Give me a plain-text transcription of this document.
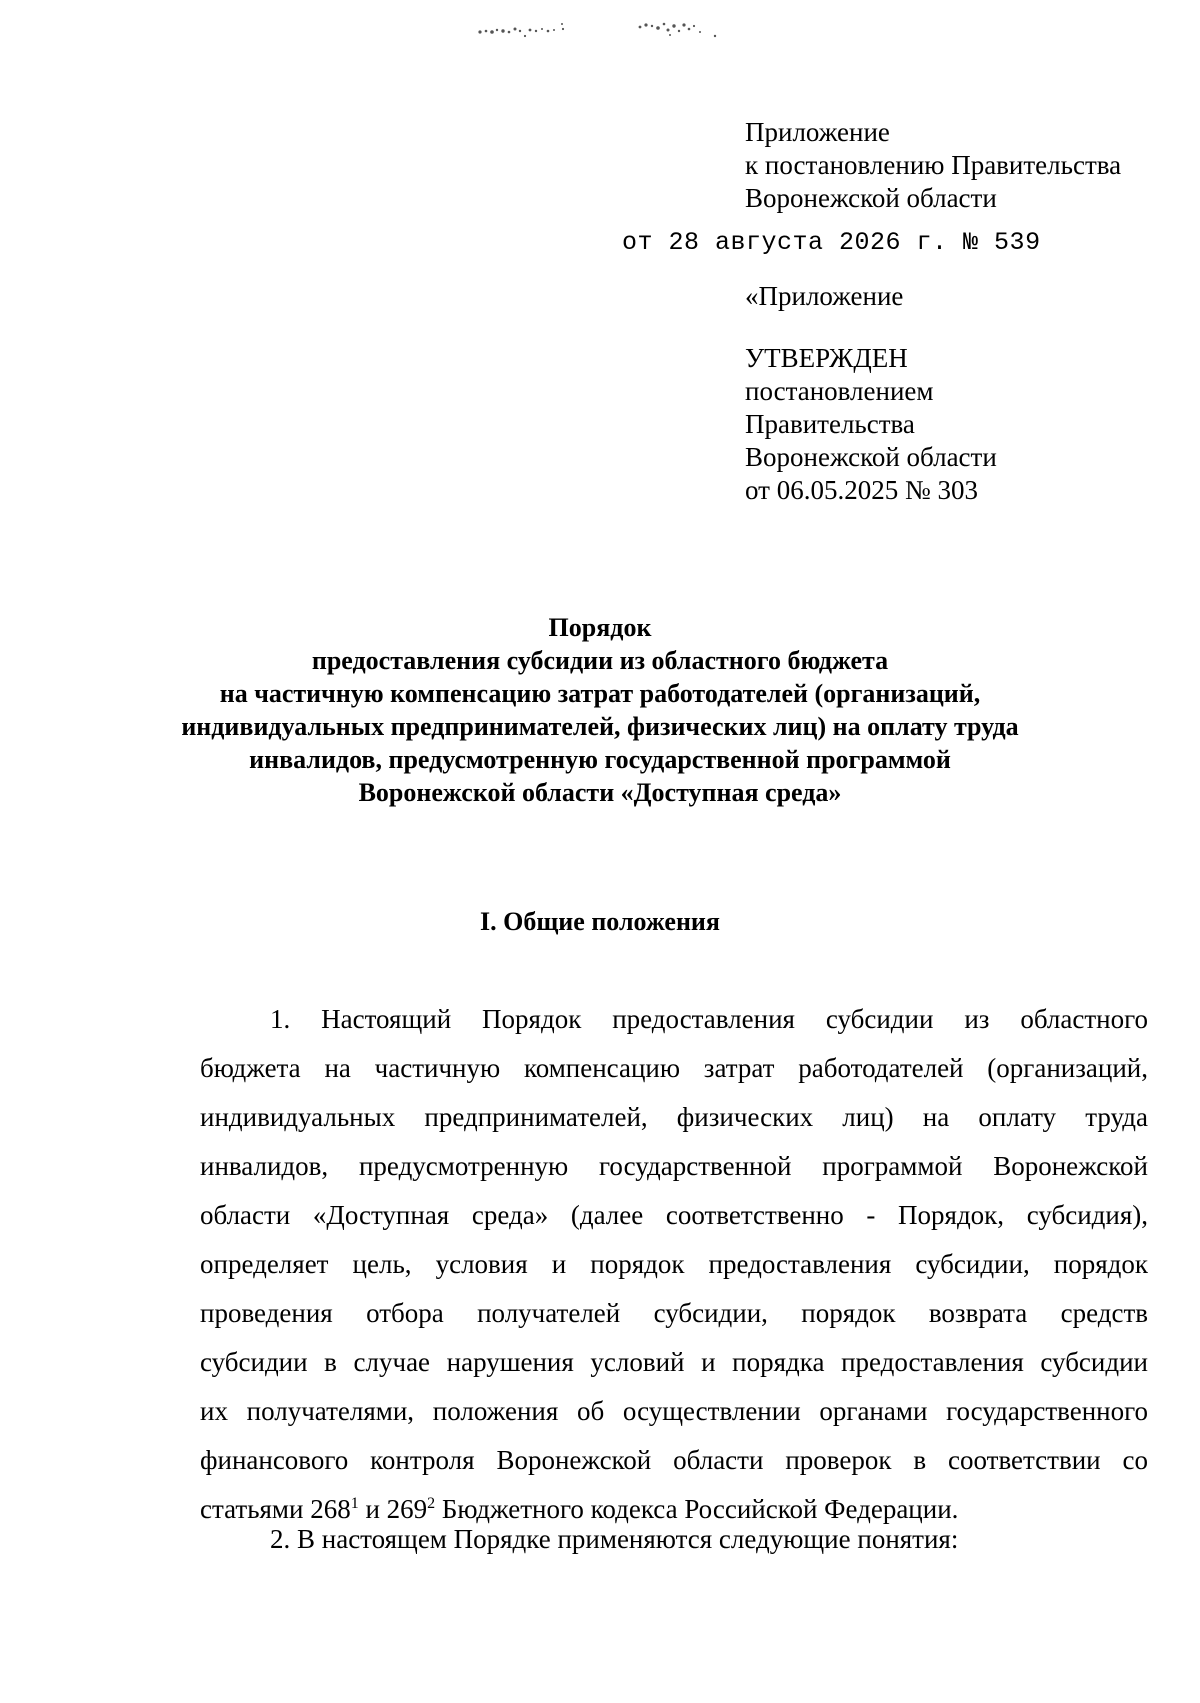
Приложение
к постановлению Правительства
Воронежской области
от 28 августа 2026 г. № 539
«Приложение
УТВЕРЖДЕН
постановлением
Правительства
Воронежской области
от 06.05.2025 № 303
Порядок
предоставления субсидии из областного бюджета
на частичную компенсацию затрат работодателей (организаций,
индивидуальных предпринимателей, физических лиц) на оплату труда
инвалидов, предусмотренную государственной программой
Воронежской области «Доступная среда»
I. Общие положения
1. Настоящий Порядок предоставления субсидии из областного
бюджета на частичную компенсацию затрат работодателей (организаций,
индивидуальных предпринимателей, физических лиц) на оплату труда
инвалидов, предусмотренную государственной программой Воронежской
области «Доступная среда» (далее соответственно - Порядок, субсидия),
определяет цель, условия и порядок предоставления субсидии, порядок
проведения отбора получателей субсидии, порядок возврата средств
субсидии в случае нарушения условий и порядка предоставления субсидии
их получателями, положения об осуществлении органами государственного
финансового контроля Воронежской области проверок в соответствии со
статьями $268^1$ и $269^2$ Бюджетного кодекса Российской Федерации.
2. В настоящем Порядке применяются следующие понятия:
